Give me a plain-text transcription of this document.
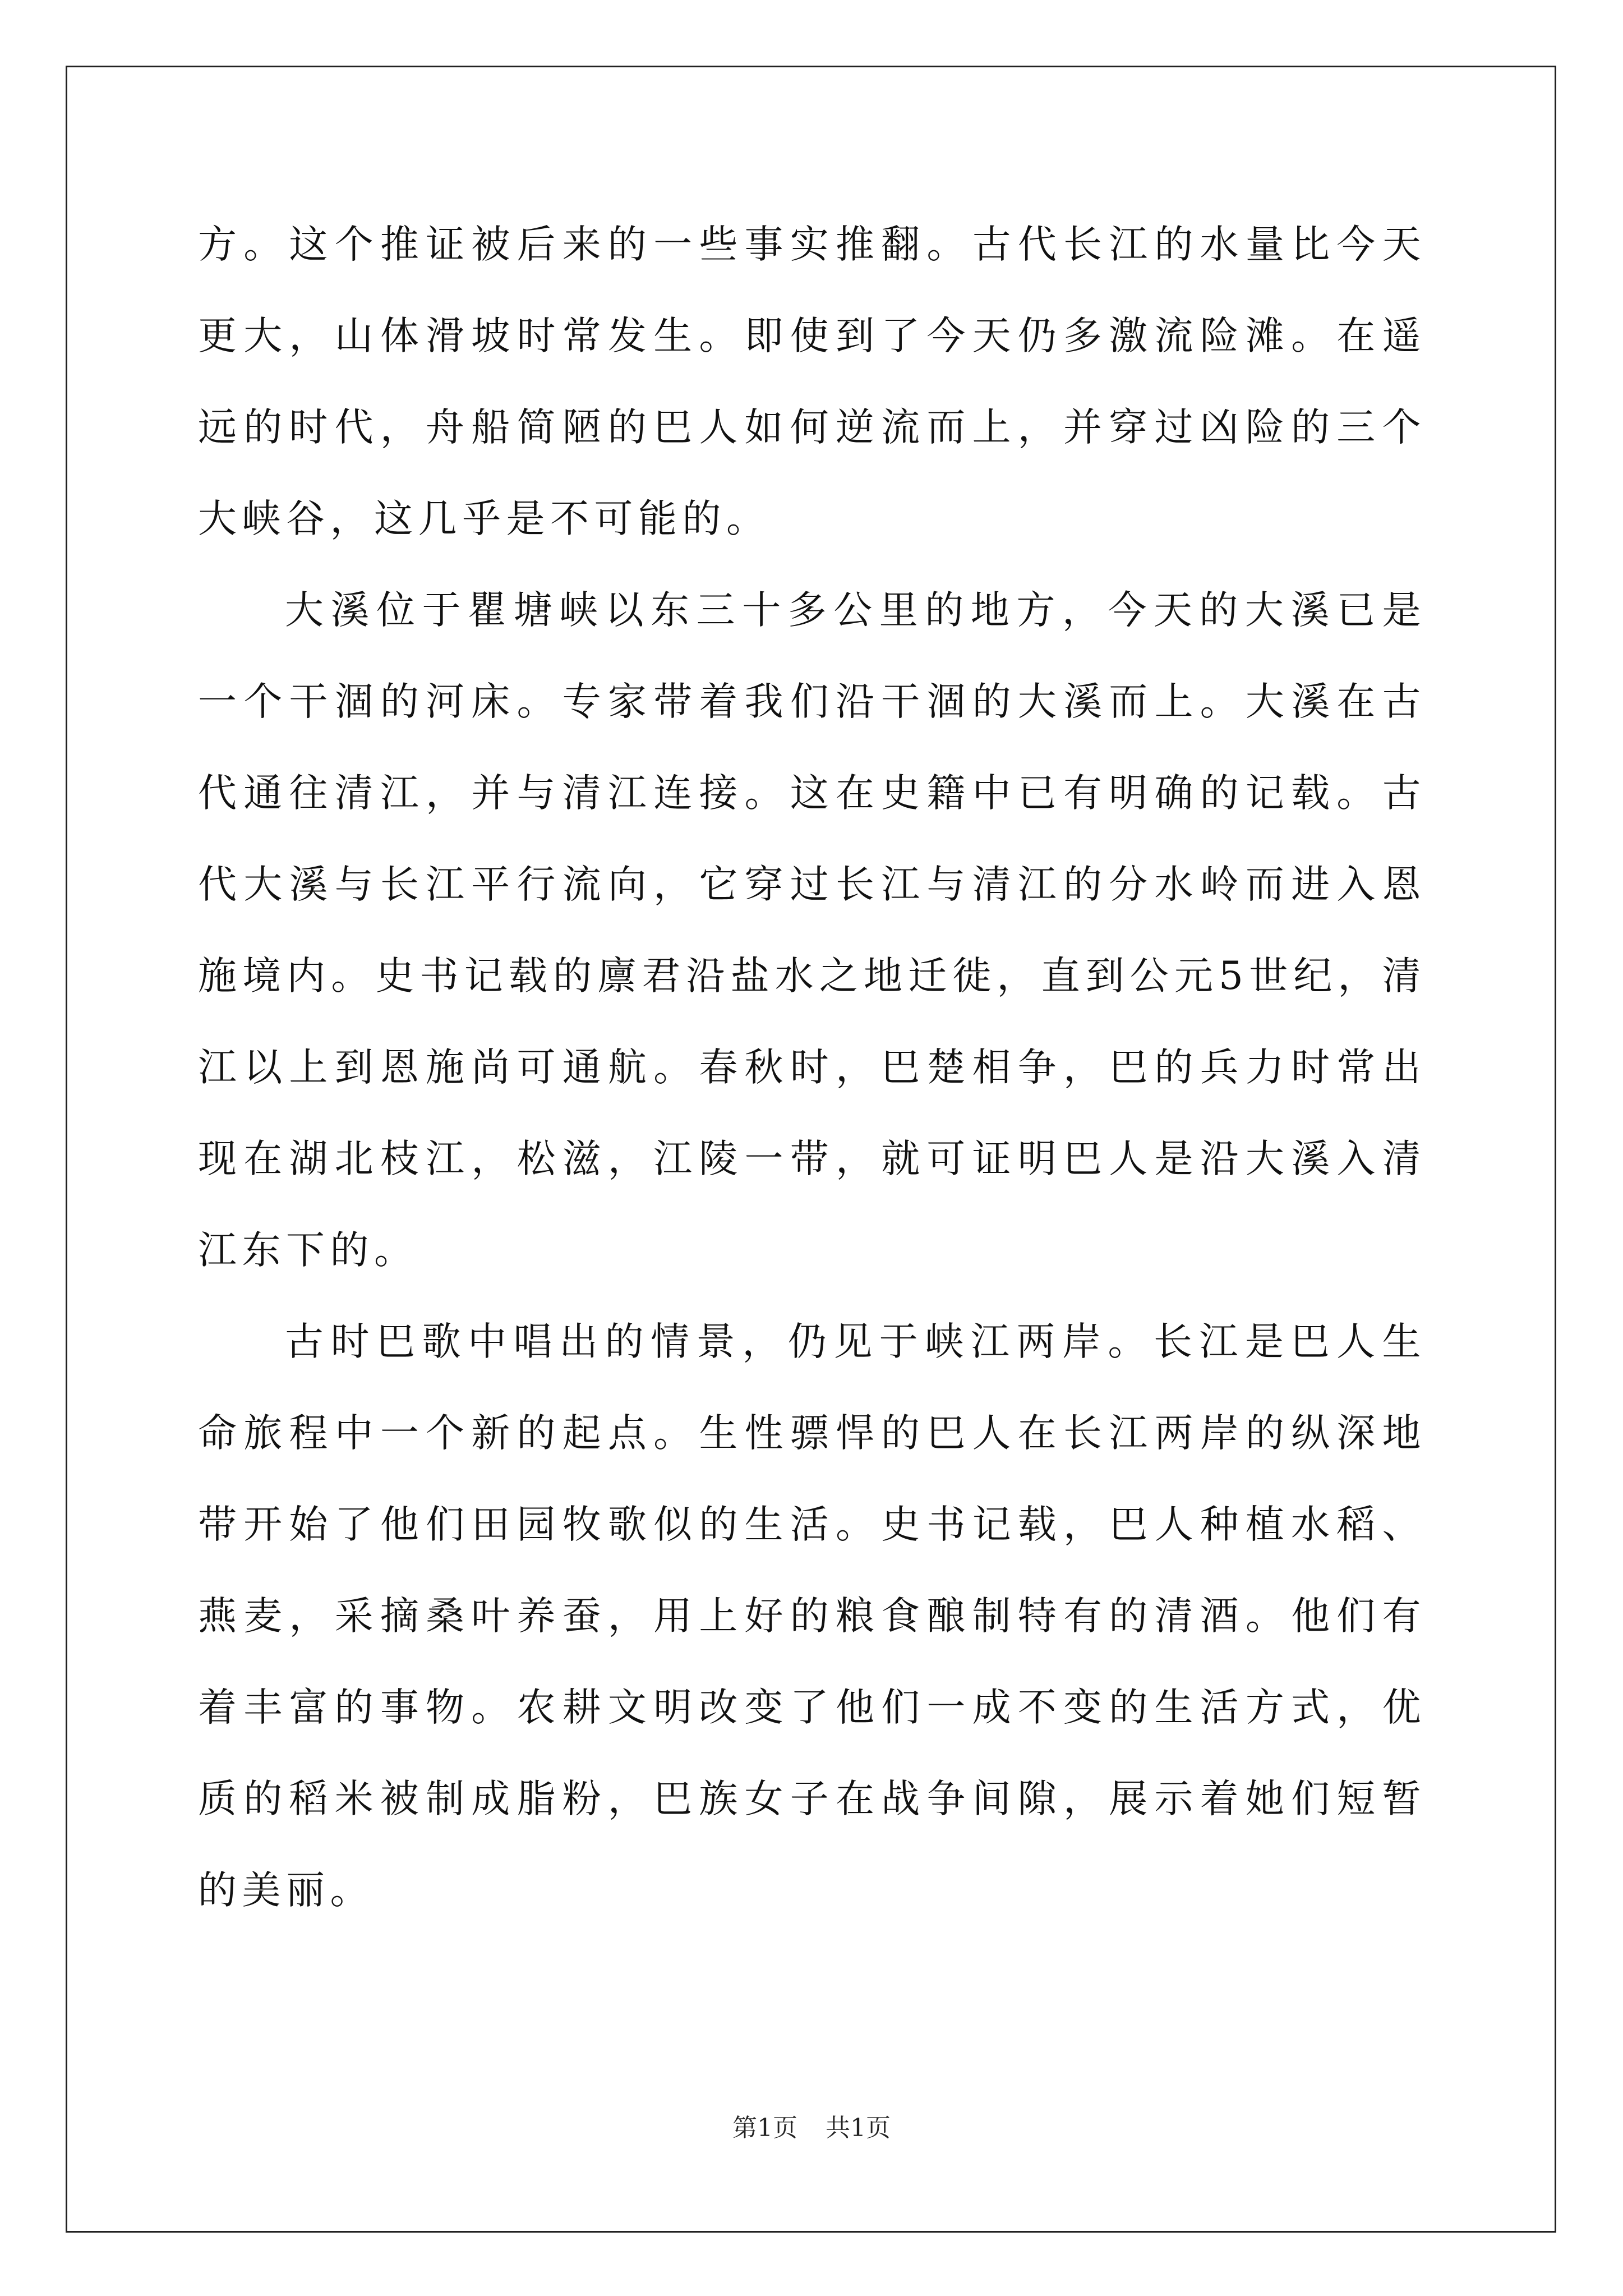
方。这个推证被后来的一些事实推翻。古代长江的水量比今天更大，山体滑坡时常发生。即使到了今天仍多激流险滩。在遥远的时代，舟船简陋的巴人如何逆流而上，并穿过凶险的三个大峡谷，这几乎是不可能的。

大溪位于瞿塘峡以东三十多公里的地方，今天的大溪已是一个干涸的河床。专家带着我们沿干涸的大溪而上。大溪在古代通往清江，并与清江连接。这在史籍中已有明确的记载。古代大溪与长江平行流向，它穿过长江与清江的分水岭而进入恩施境内。史书记载的廪君沿盐水之地迁徙，直到公元5世纪，清江以上到恩施尚可通航。春秋时，巴楚相争，巴的兵力时常出现在湖北枝江，松滋，江陵一带，就可证明巴人是沿大溪入清江东下的。

古时巴歌中唱出的情景，仍见于峡江两岸。长江是巴人生命旅程中一个新的起点。生性骠悍的巴人在长江两岸的纵深地带开始了他们田园牧歌似的生活。史书记载，巴人种植水稻、燕麦，采摘桑叶养蚕，用上好的粮食酿制特有的清酒。他们有着丰富的事物。农耕文明改变了他们一成不变的生活方式，优质的稻米被制成脂粉，巴族女子在战争间隙，展示着她们短暂的美丽。

第1页 共1页
